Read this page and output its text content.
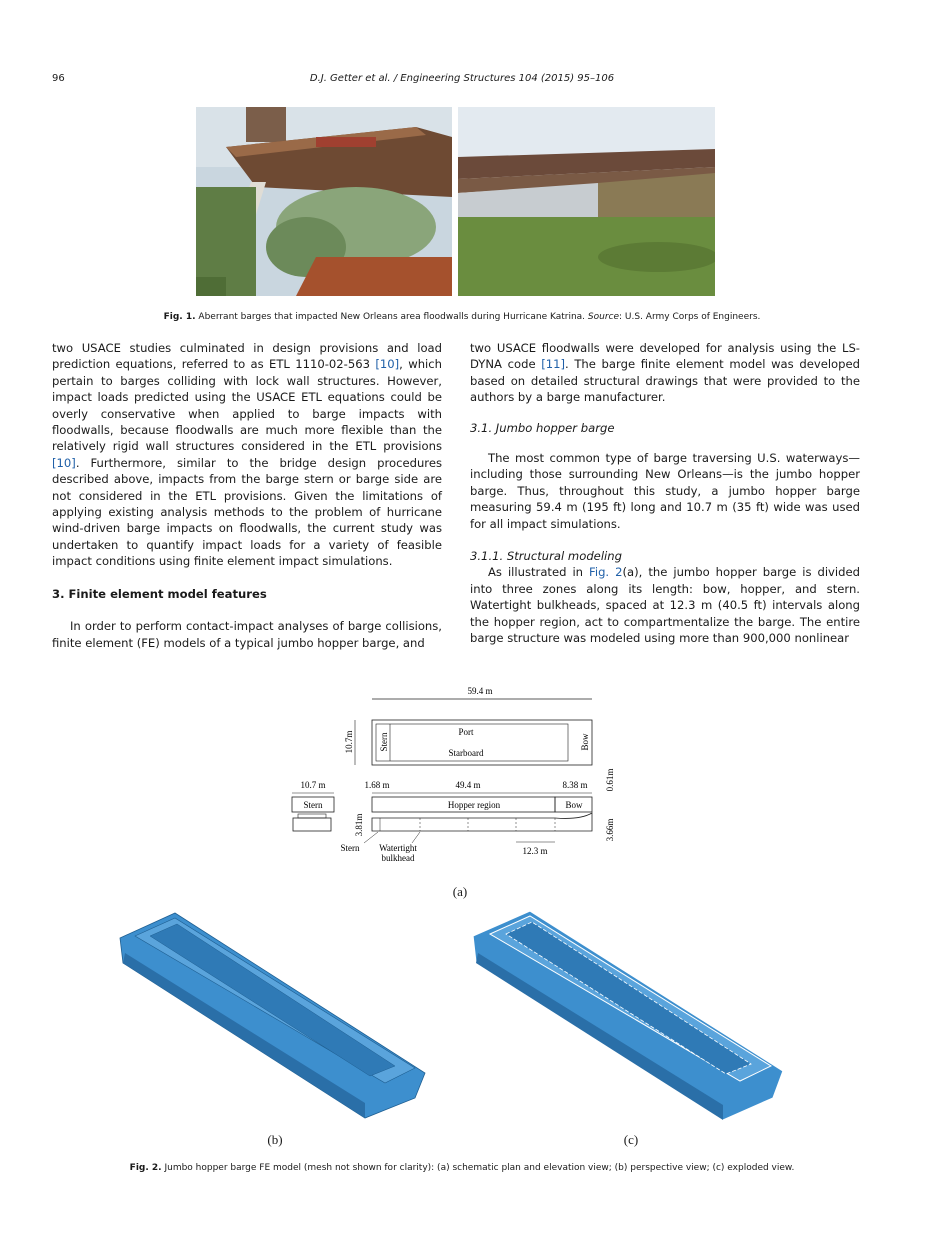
96	D.J. Getter et al. / Engineering Structures 104 (2015) 95–106
Fig. 1. Aberrant barges that impacted New Orleans area floodwalls during Hurricane Katrina. Source: U.S. Army Corps of Engineers.

two USACE studies culminated in design provisions and load prediction equations, referred to as ETL 1110-02-563 [10], which pertain to barges colliding with lock wall structures. However, impact loads predicted using the USACE ETL equations could be overly conservative when applied to barge impacts with floodwalls, because floodwalls are much more flexible than the relatively rigid wall structures considered in the ETL provisions [10]. Furthermore, similar to the bridge design procedures described above, impacts from the barge stern or barge side are not considered in the ETL provisions. Given the limitations of applying existing analysis methods to the problem of hurricane wind-driven barge impacts on floodwalls, the current study was undertaken to quantify impact loads for a variety of feasible impact conditions using finite element impact simulations.

3. Finite element model features

In order to perform contact-impact analyses of barge collisions, finite element (FE) models of a typical jumbo hopper barge, and

two USACE floodwalls were developed for analysis using the LS-DYNA code [11]. The barge finite element model was developed based on detailed structural drawings that were provided to the authors by a barge manufacturer.

3.1. Jumbo hopper barge

The most common type of barge traversing U.S. waterways—including those surrounding New Orleans—is the jumbo hopper barge. Thus, throughout this study, a jumbo hopper barge measuring 59.4 m (195 ft) long and 10.7 m (35 ft) wide was used for all impact simulations.

3.1.1. Structural modeling

As illustrated in Fig. 2(a), the jumbo hopper barge is divided into three zones along its length: bow, hopper, and stern. Watertight bulkheads, spaced at 12.3 m (40.5 ft) intervals along the hopper region, act to compartmentalize the barge. The entire barge structure was modeled using more than 900,000 nonlinear

59.4 m
10.7m	Stern	Bow
Port
Starboard
10.7 m	1.68 m	49.4 m	8.38 m 0.61m
Stern	Hopper region	Bow
3.81m	3.66m
Stern Watertight
bulkhead
12.3 m
(a)
(b)	(c)
Fig. 2. Jumbo hopper barge FE model (mesh not shown for clarity): (a) schematic plan and elevation view; (b) perspective view; (c) exploded view.
